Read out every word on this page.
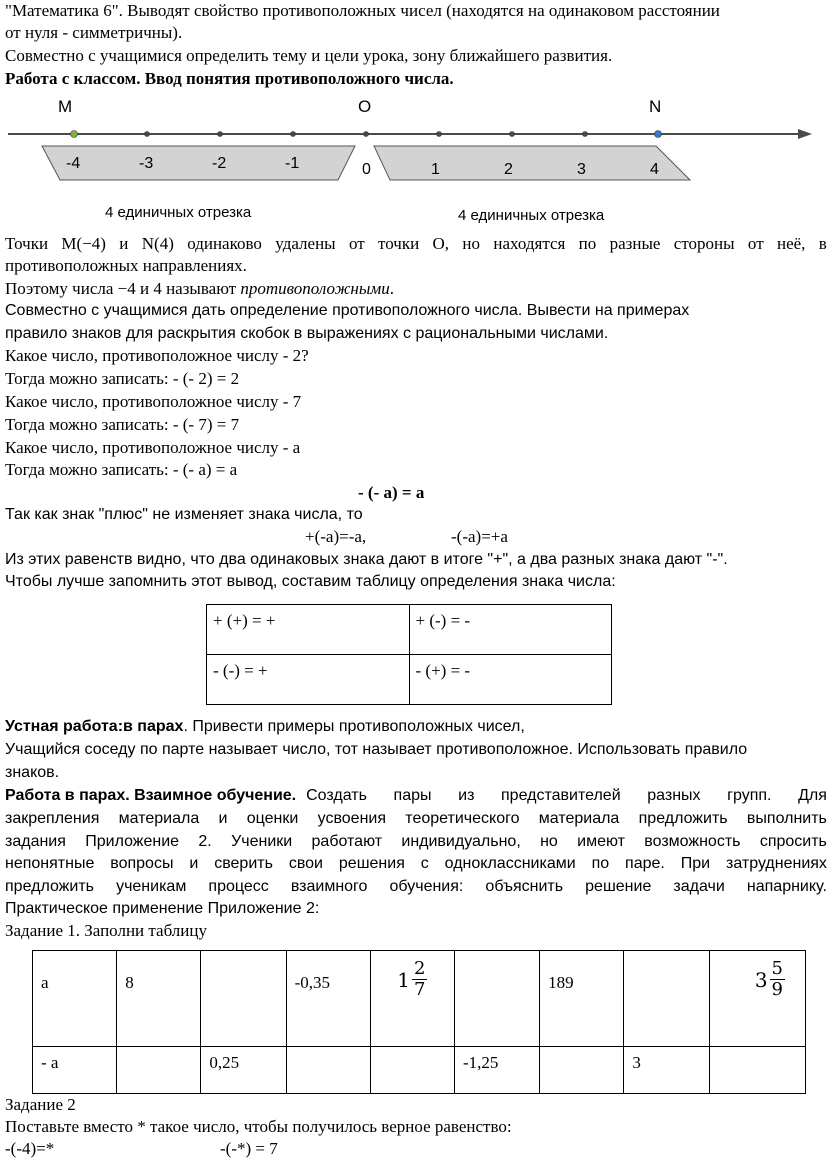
"Математика 6". Выводят свойство противоположных чисел (находятся на одинаковом расстоянии
от нуля - симметричны).
Совместно с учащимися определить тему и цели урока, зону ближайшего развития.
Работа с классом. Ввод понятия противоположного числа.
-4	-3	-2	-1	0	1	2	3	4
M	O	N
4 единичных отрезка	4 единичных отрезка
Точки M(−4) и N(4) одинаково удалены от точки O, но находятся по разные стороны от неё, в
противоположных направлениях.
Поэтому числа −4 и 4 называют противоположными.
Совместно с учащимися дать определение противоположного числа. Вывести на примерах
правило знаков для раскрытия скобок в выражениях с рациональными числами.
Какое число, противоположное числу - 2?
Тогда можно записать: - (- 2) = 2
Какое число, противоположное числу - 7
Тогда можно записать: - (- 7) = 7
Какое число, противоположное числу - а
Тогда можно записать: - (- а) = а
- (- а) = а
Так как знак "плюс" не изменяет знака числа, то
+(-а)=-а,	-(-а)=+а
Из этих равенств видно, что два одинаковых знака дают в итоге "+", а два разных знака дают "-".
Чтобы лучше запомнить этот вывод, составим таблицу определения знака числа:
+ (+) = +	+ (-) = -
- (-) = +	- (+) = -
Устная работа:в парах. Привести примеры противоположных чисел,
Учащийся соседу по парте называет число, тот называет противоположное. Использовать правило
знаков.
Работа в парах. Взаимное обучение. Создать пары из представителей разных групп. Для
закрепления материала и оценки усвоения теоретического материала предложить выполнить
задания Приложение 2. Ученики работают индивидуально, но имеют возможность спросить
непонятные вопросы и сверить свои решения с одноклассниками по паре. При затруднениях
предложить ученикам процесс взаимного обучения: объяснить решение задачи напарнику.
Практическое применение Приложение 2:
Задание 1. Заполни таблицу
а	8		-0,35	$1 \frac{2}{7}$		189		$3 \frac{5}{9}$

- а		0,25			-1,25		3	
Задание 2
Поставьте вместо * такое число, чтобы получилось верное равенство:
-(-4)=*	-(-*) = 7
